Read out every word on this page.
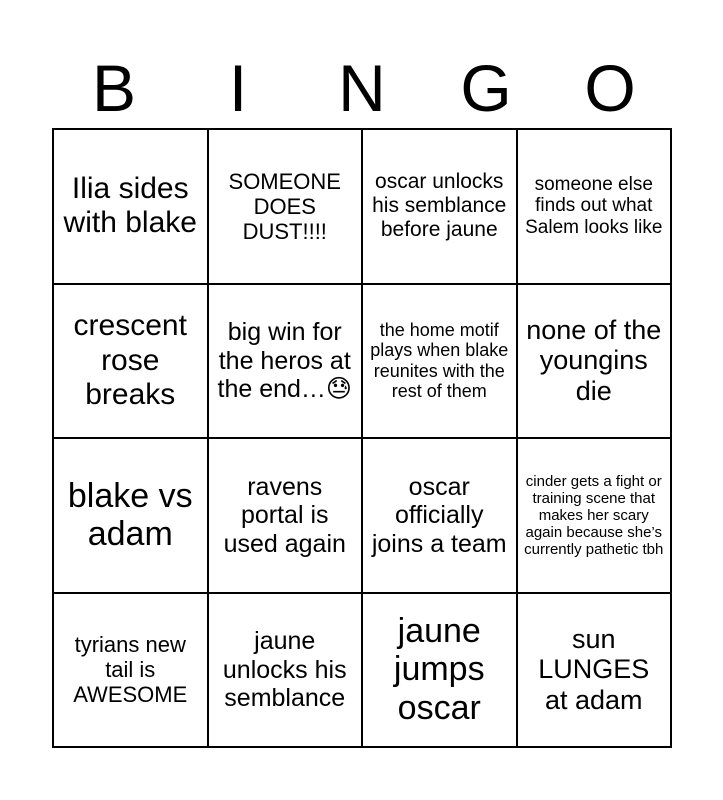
B	I	N	G	O
Ilia sides with blake
SOMEONE DOES DUST!!!!
oscar unlocks his semblance before jaune
someone else finds out what Salem looks like
crescent rose breaks
big win for the heros at the end…😓
the home motif plays when blake reunites with the rest of them
none of the youngins die
blake vs adam
ravens portal is used again
oscar officially joins a team
cinder gets a fight or training scene that makes her scary again because she’s currently pathetic tbh
tyrians new tail is AWESOME
jaune unlocks his semblance
jaune jumps oscar
sun LUNGES at adam
